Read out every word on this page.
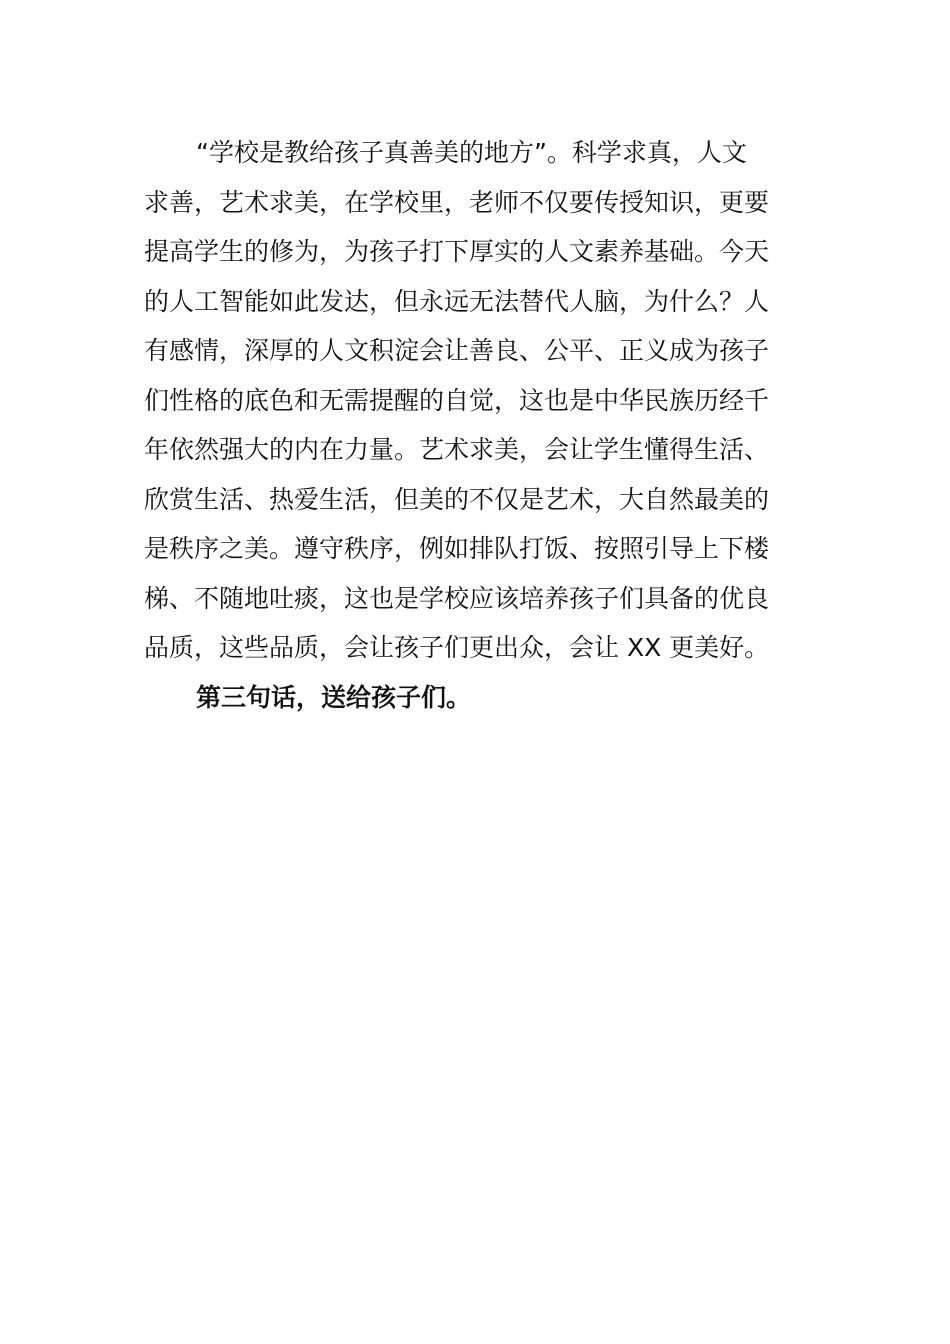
“学校是教给孩子真善美的地方”。科学求真，人文
求善，艺术求美，在学校里，老师不仅要传授知识，更要
提高学生的修为，为孩子打下厚实的人文素养基础。今天
的人工智能如此发达，但永远无法替代人脑，为什么？人
有感情，深厚的人文积淀会让善良、公平、正义成为孩子
们性格的底色和无需提醒的自觉，这也是中华民族历经千
年依然强大的内在力量。艺术求美，会让学生懂得生活、
欣赏生活、热爱生活，但美的不仅是艺术，大自然最美的
是秩序之美。遵守秩序，例如排队打饭、按照引导上下楼
梯、不随地吐痰，这也是学校应该培养孩子们具备的优良
品质，这些品质，会让孩子们更出众，会让 XX 更美好。
第三句话，送给孩子们。
